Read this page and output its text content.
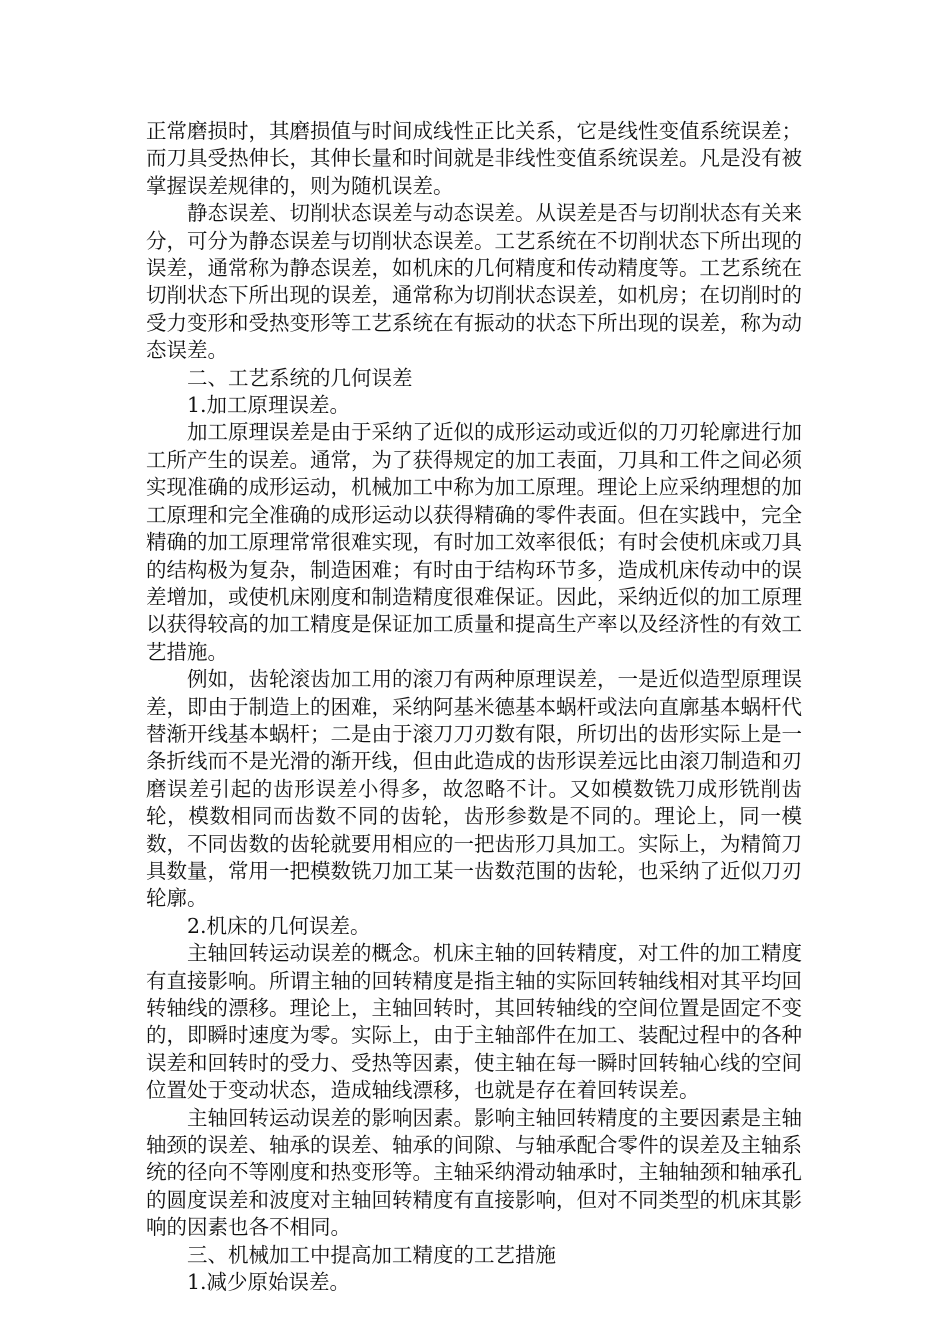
正常磨损时，其磨损值与时间成线性正比关系，它是线性变值系统误差；而刀具受热伸长，其伸长量和时间就是非线性变值系统误差。凡是没有被掌握误差规律的，则为随机误差。

静态误差、切削状态误差与动态误差。从误差是否与切削状态有关来分，可分为静态误差与切削状态误差。工艺系统在不切削状态下所出现的误差，通常称为静态误差，如机床的几何精度和传动精度等。工艺系统在切削状态下所出现的误差，通常称为切削状态误差，如机房；在切削时的受力变形和受热变形等工艺系统在有振动的状态下所出现的误差，称为动态误差。

二、工艺系统的几何误差

1.加工原理误差。

加工原理误差是由于采纳了近似的成形运动或近似的刀刃轮廓进行加工所产生的误差。通常，为了获得规定的加工表面，刀具和工件之间必须实现准确的成形运动，机械加工中称为加工原理。理论上应采纳理想的加工原理和完全准确的成形运动以获得精确的零件表面。但在实践中，完全精确的加工原理常常很难实现，有时加工效率很低；有时会使机床或刀具的结构极为复杂，制造困难；有时由于结构环节多，造成机床传动中的误差增加，或使机床刚度和制造精度很难保证。因此，采纳近似的加工原理以获得较高的加工精度是保证加工质量和提高生产率以及经济性的有效工艺措施。

例如，齿轮滚齿加工用的滚刀有两种原理误差，一是近似造型原理误差，即由于制造上的困难，采纳阿基米德基本蜗杆或法向直廓基本蜗杆代替渐开线基本蜗杆；二是由于滚刀刀刃数有限，所切出的齿形实际上是一条折线而不是光滑的渐开线，但由此造成的齿形误差远比由滚刀制造和刃磨误差引起的齿形误差小得多，故忽略不计。又如模数铣刀成形铣削齿轮，模数相同而齿数不同的齿轮，齿形参数是不同的。理论上，同一模数，不同齿数的齿轮就要用相应的一把齿形刀具加工。实际上，为精简刀具数量，常用一把模数铣刀加工某一齿数范围的齿轮，也采纳了近似刀刃轮廓。

2.机床的几何误差。

主轴回转运动误差的概念。机床主轴的回转精度，对工件的加工精度有直接影响。所谓主轴的回转精度是指主轴的实际回转轴线相对其平均回转轴线的漂移。理论上，主轴回转时，其回转轴线的空间位置是固定不变的，即瞬时速度为零。实际上，由于主轴部件在加工、装配过程中的各种误差和回转时的受力、受热等因素，使主轴在每一瞬时回转轴心线的空间位置处于变动状态，造成轴线漂移，也就是存在着回转误差。

主轴回转运动误差的影响因素。影响主轴回转精度的主要因素是主轴轴颈的误差、轴承的误差、轴承的间隙、与轴承配合零件的误差及主轴系统的径向不等刚度和热变形等。主轴采纳滑动轴承时，主轴轴颈和轴承孔的圆度误差和波度对主轴回转精度有直接影响，但对不同类型的机床其影响的因素也各不相同。

三、机械加工中提高加工精度的工艺措施

1.减少原始误差。
